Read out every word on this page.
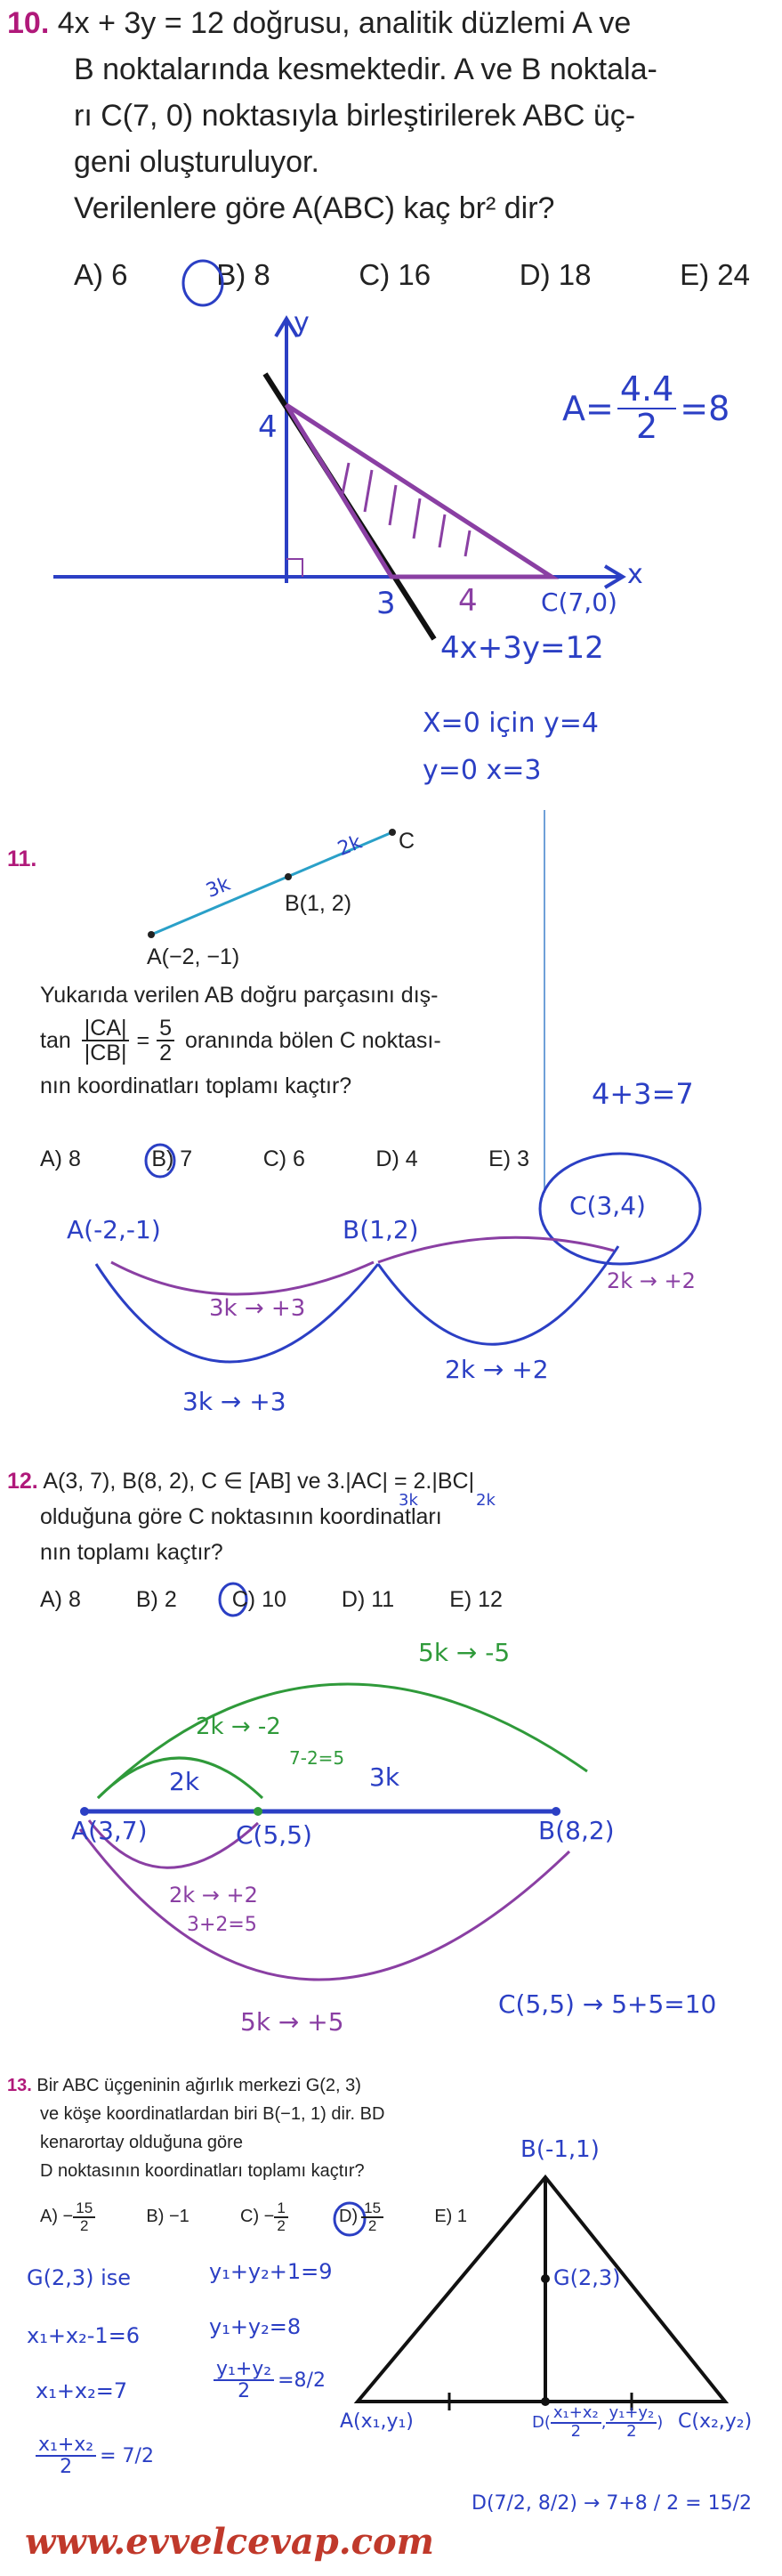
10. 4x + 3y = 12 doğrusu, analitik düzlemi A ve
B noktalarında kesmektedir. A ve B noktala-
rı C(7, 0) noktasıyla birleştirilerek ABC üç-
geni oluşturuluyor.
Verilenlere göre A(ABC) kaç br² dir?
A) 6	B) 8	C) 16	D) 18	E) 24
y
x
4
3 4	C(7,0)
4x+3y=12
$A= \frac{4.4}{2} =8$
X=0 için y=4
y=0 x=3
11.
C
B(1, 2)
A(−2, −1)
3k
2k
Yukarıda verilen AB doğru parçasını dış-
$\tan \frac{|CA|}{|CB|} = \frac{5}{2}$ oranında bölen C noktası-
nın koordinatları toplamı kaçtır?
A) 8	B) 7	C) 6	D) 4	E) 3
4+3=7
A(-2,-1)	B(1,2)
C(3,4)
3k → +3
2k → +2
3k → +3
2k → +2
12. A(3, 7), B(8, 2), C ∈ [AB] ve 3.|AC| = 2.|BC|
olduğuna göre C noktasının koordinatları
nın toplamı kaçtır?
3k	2k
A) 8 B) 2 C) 10 D) 11 E) 12
5k → -5
2k → -2
2k
7-2=5
3k
A(3,7)	C(5,5)	B(8,2)
2k → +2
3+2=5
5k → +5
C(5,5) → 5+5=10
13. Bir ABC üçgeninin ağırlık merkezi G(2, 3)
ve köşe koordinatlardan biri B(−1, 1) dir. BD
kenarortay olduğuna göre
D noktasının koordinatları toplamı kaçtır?
$A) - \frac{15}{2}$	B) −1	$C) - \frac{1}{2}$	$D) \frac{15}{2}$	E) 1
B(-1,1)
G(2,3)
A(x₁,y₁)	C(x₂,y₂)
$D( \frac{\text{x₁+x₂}}{2}$ , $\frac{\text{y₁+y₂}}{2}$ )
G(2,3) ise
x₁+x₂-1=6
x₁+x₂=7
$\frac{\text{x₁+x₂}}{2} = 7/2$
y₁+y₂+1=9
y₁+y₂=8
$\frac{\text{y₁+y₂}}{2} =8/2$
D(7/2, 8/2) → 7+8 / 2 = 15/2
www.evvelcevap.com
